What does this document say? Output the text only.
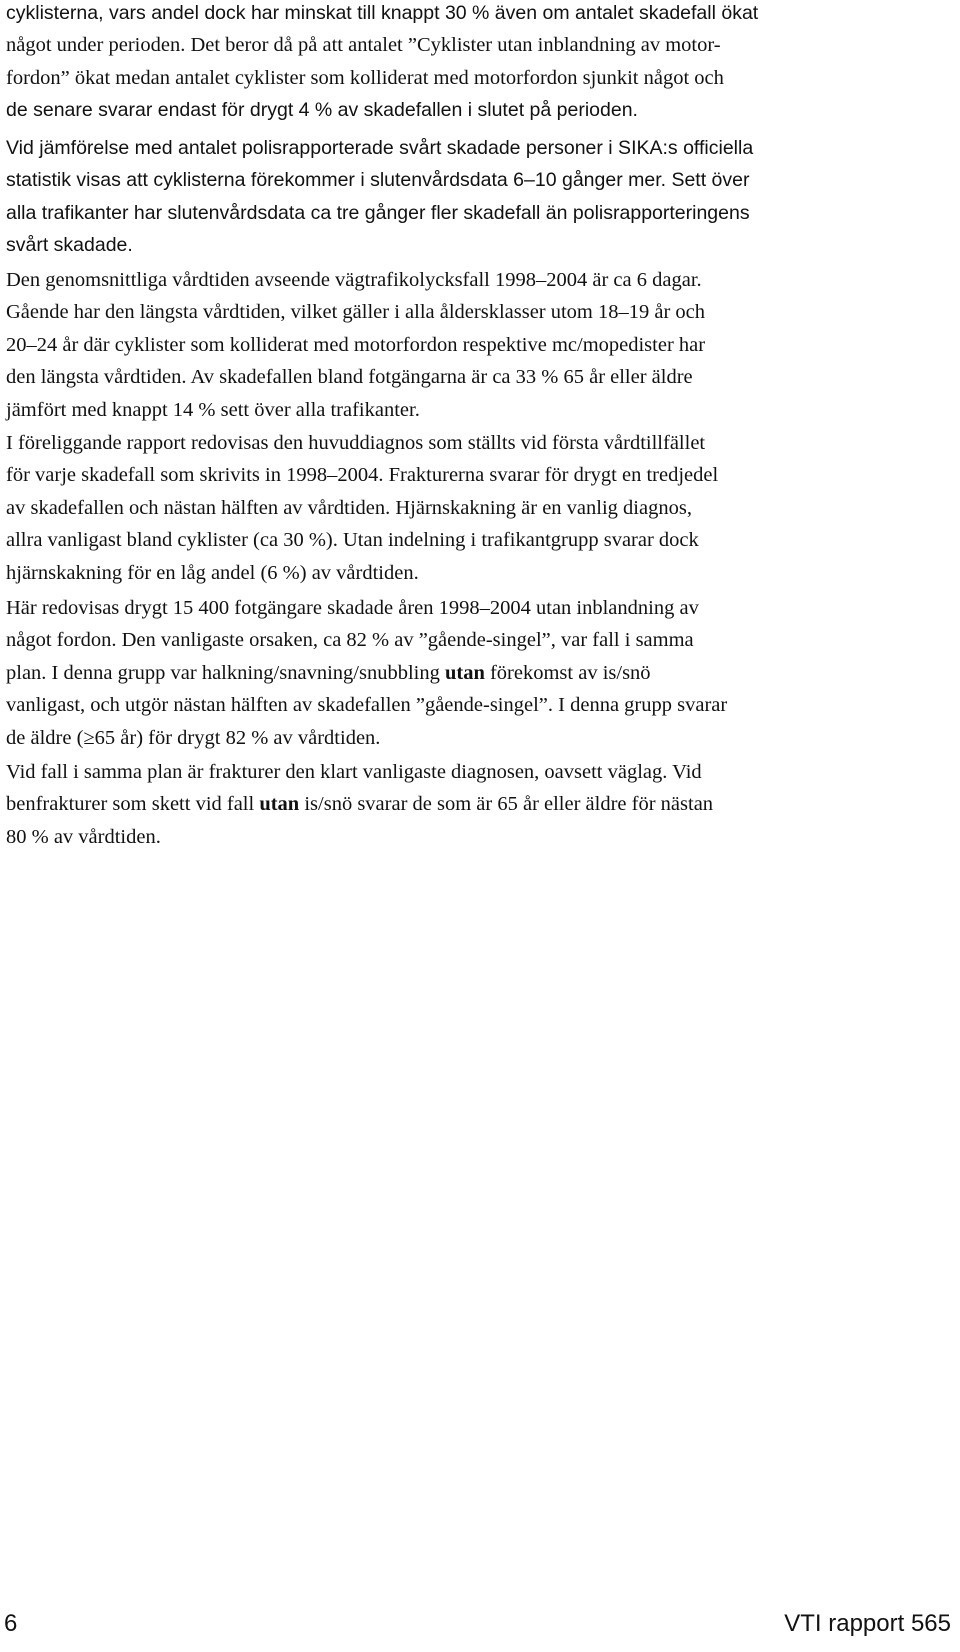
cyklisterna, vars andel dock har minskat till knappt 30 % även om antalet skadefall ökat
något under perioden. Det beror då på att antalet ”Cyklister utan inblandning av motor-
fordon” ökat medan antalet cyklister som kolliderat med motorfordon sjunkit något och
de senare svarar endast för drygt 4 % av skadefallen i slutet på perioden.

Vid jämförelse med antalet polisrapporterade svårt skadade personer i SIKA:s officiella
statistik visas att cyklisterna förekommer i slutenvårdsdata 6–10 gånger mer. Sett över
alla trafikanter har slutenvårdsdata ca tre gånger fler skadefall än polisrapporteringens
svårt skadade.

Den genomsnittliga vårdtiden avseende vägtrafikolycksfall 1998–2004 är ca 6 dagar.
Gående har den längsta vårdtiden, vilket gäller i alla åldersklasser utom 18–19 år och
20–24 år där cyklister som kolliderat med motorfordon respektive mc/mopedister har
den längsta vårdtiden. Av skadefallen bland fotgängarna är ca 33 % 65 år eller äldre
jämfört med knappt 14 % sett över alla trafikanter.

I föreliggande rapport redovisas den huvuddiagnos som ställts vid första vårdtillfället
för varje skadefall som skrivits in 1998–2004. Frakturerna svarar för drygt en tredjedel
av skadefallen och nästan hälften av vårdtiden. Hjärnskakning är en vanlig diagnos,
allra vanligast bland cyklister (ca 30 %). Utan indelning i trafikantgrupp svarar dock
hjärnskakning för en låg andel (6 %) av vårdtiden.

Här redovisas drygt 15 400 fotgängare skadade åren 1998–2004 utan inblandning av
något fordon. Den vanligaste orsaken, ca 82 % av ”gående-singel”, var fall i samma
plan. I denna grupp var halkning/snavning/snubbling utan förekomst av is/snö
vanligast, och utgör nästan hälften av skadefallen ”gående-singel”. I denna grupp svarar
de äldre (≥65 år) för drygt 82 % av vårdtiden.

Vid fall i samma plan är frakturer den klart vanligaste diagnosen, oavsett väglag. Vid
benfrakturer som skett vid fall utan is/snö svarar de som är 65 år eller äldre för nästan
80 % av vårdtiden.

6	VTI rapport 565
